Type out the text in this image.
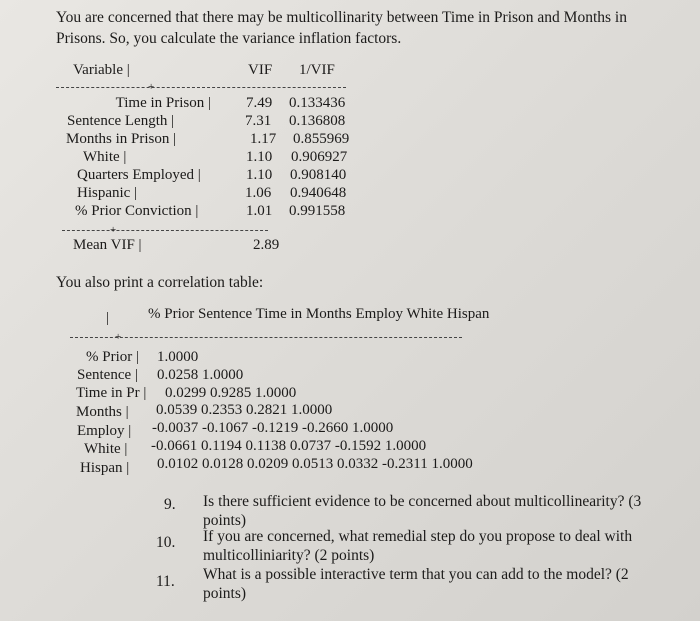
You are concerned that there may be multicollinarity between Time in Prison and Months in
Prisons. So, you calculate the variance inflation factors.
Variable |	VIF 1/VIF
+
Time in Prison | 7.49 0.133436
Sentence Length |	7.31 0.136808
Months in Prison |	1.17 0.855969
White |	1.10 0.906927
Quarters Employed |	1.10 0.908140
Hispanic |	1.06 0.940648
% Prior Conviction |	1.01 0.991558
+
Mean VIF |	2.89
You also print a correlation table:
|	% Prior Sentence Time in Months Employ White Hispan
+
% Prior | 1.0000
Sentence | 0.0258 1.0000
Time in Pr | 0.0299 0.9285 1.0000
Months | 0.0539 0.2353 0.2821 1.0000
Employ | -0.0037 -0.1067 -0.1219 -0.2660 1.0000
White | -0.0661 0.1194 0.1138 0.0737 -0.1592 1.0000
Hispan | 0.0102 0.0128 0.0209 0.0513 0.0332 -0.2311 1.0000
9. Is there sufficient evidence to be concerned about multicollinearity? (3 points)
10. If you are concerned, what remedial step do you propose to deal with multicolliniarity? (2 points)
11. What is a possible interactive term that you can add to the model? (2 points)
